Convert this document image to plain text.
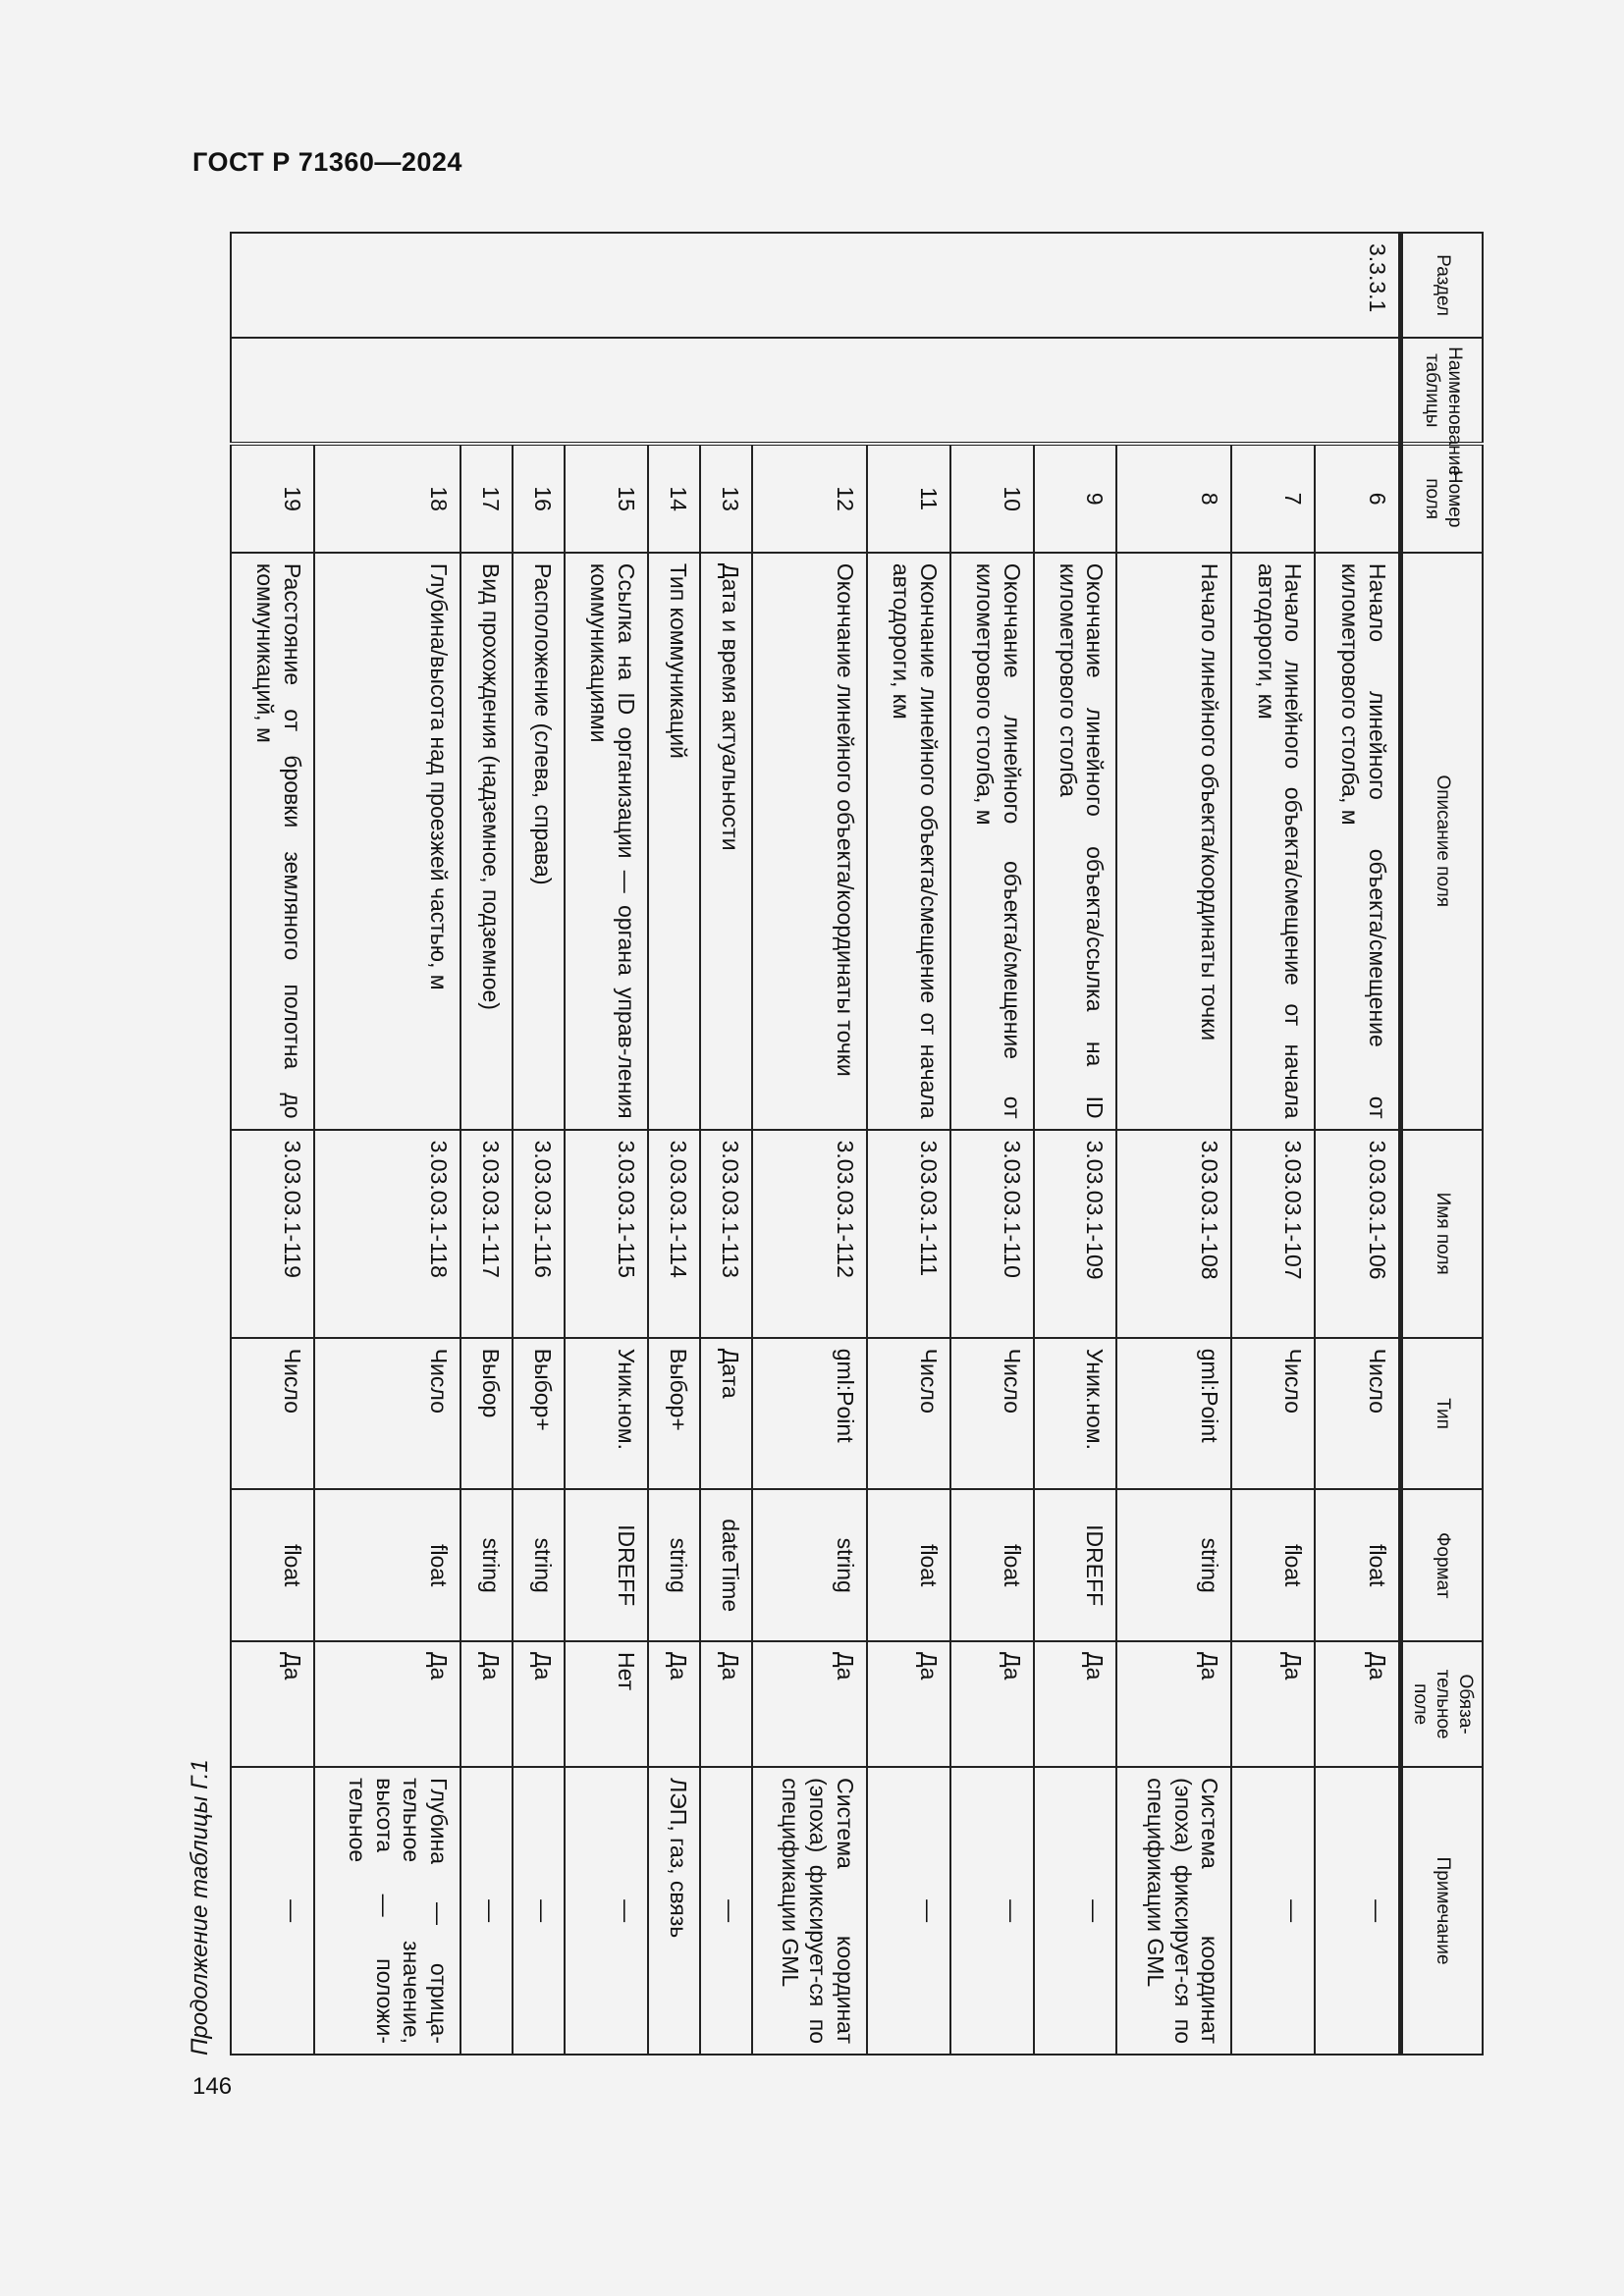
ГОСТ Р 71360—2024
146
Продолжение таблицы Г.1
Раздел	Наименование таблицы	Номер поля	Описание поля	Имя поля	Тип	Формат	Обяза-тельное поле	Примечание
3.3.3.1		6	Начало линейного объекта/смещение от километрового столба, м	3.03.03.1-106	Число	float	Да	—
		7	Начало линейного объекта/смещение от начала автодороги, км	3.03.03.1-107	Число	float	Да	—
		8	Начало линейного объекта/координаты точки	3.03.03.1-108	gml:Point	string	Да	Система координат (эпоха) фиксирует-ся по спецификации GML
		9	Окончание линейного объекта/ссылка на ID километрового столба	3.03.03.1-109	Уник.ном.	IDREFF	Да	—
		10	Окончание линейного объекта/смещение от километрового столба, м	3.03.03.1-110	Число	float	Да	—
		11	Окончание линейного объекта/смещение от начала автодороги, км	3.03.03.1-111	Число	float	Да	—
		12	Окончание линейного объекта/координаты точки	3.03.03.1-112	gml:Point	string	Да	Система координат (эпоха) фиксирует-ся по спецификации GML
		13	Дата и время актуальности	3.03.03.1-113	Дата	dateTime	Да	—
		14	Тип коммуникаций	3.03.03.1-114	Выбор+	string	Да	ЛЭП, газ, связь
		15	Ссылка на ID организации — органа управ-ления коммуникациями	3.03.03.1-115	Уник.ном.	IDREFF	Нет	—
		16	Расположение (слева, справа)	3.03.03.1-116	Выбор+	string	Да	—
		17	Вид прохождения (надземное, подземное)	3.03.03.1-117	Выбор	string	Да	—
		18	Глубина/высота над проезжей частью, м	3.03.03.1-118	Число	float	Да	Глубина — отрица-тельное значение, высота — положи-тельное
		19	Расстояние от бровки земляного полотна до коммуникаций, м	3.03.03.1-119	Число	float	Да	—
